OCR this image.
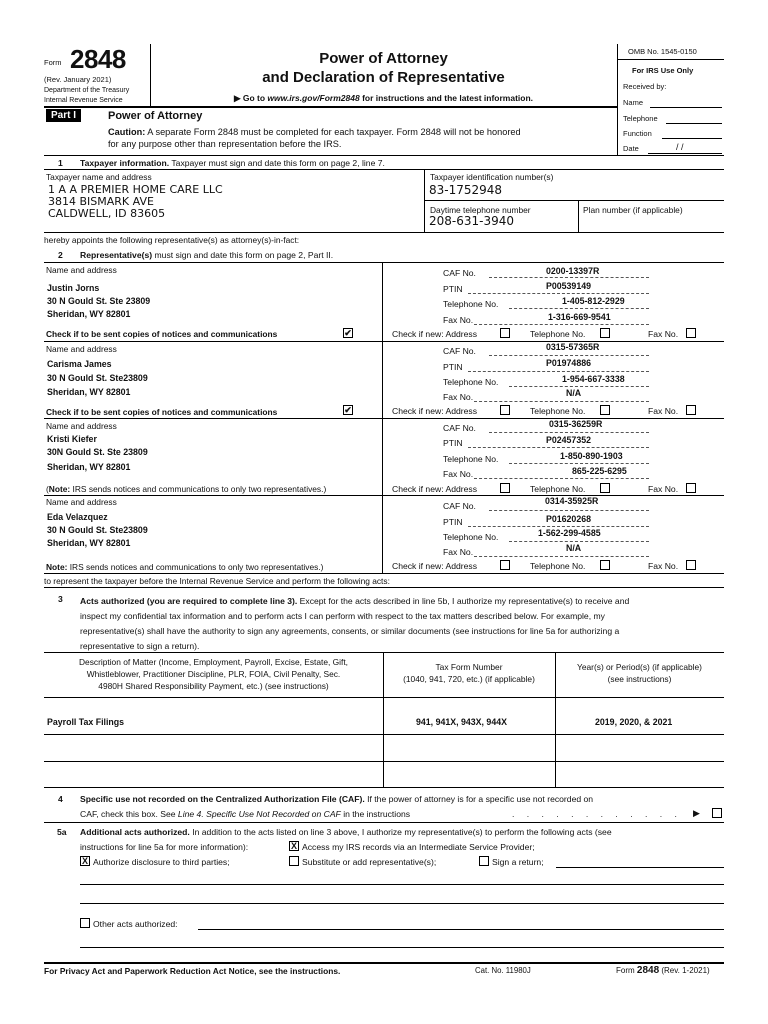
Form 2848
(Rev. January 2021)
Department of the Treasury
Internal Revenue Service
Power of Attorney
and Declaration of Representative
▶ Go to www.irs.gov/Form2848 for instructions and the latest information.
OMB No. 1545-0150
For IRS Use Only
Received by:
Name
Telephone
Function
Date	/ /
Part I	Power of Attorney
Caution: A separate Form 2848 must be completed for each taxpayer. Form 2848 will not be honored
for any purpose other than representation before the IRS.
1 Taxpayer information. Taxpayer must sign and date this form on page 2, line 7.
Taxpayer name and address
1 A A PREMIER HOME CARE LLC
3814 BISMARK AVE
CALDWELL, ID 83605
Taxpayer identification number(s)
83-1752948
Daytime telephone number
208-631-3940
Plan number (if applicable)
hereby appoints the following representative(s) as attorney(s)-in-fact:
2 Representative(s) must sign and date this form on page 2, Part II.
Name and address
Justin Jorns
30 N Gould St. Ste 23809
Sheridan, WY 82801
CAF No.	0200-13397R
PTIN	P00539149
Telephone No.	1-405-812-2929
Fax No.	1-316-669-9541
Check if to be sent copies of notices and communications	✔	Check if new: Address	Telephone No.	Fax No.
Name and address
Carisma James
30 N Gould St. Ste23809
Sheridan, WY 82801
CAF No.	0315-57365R
PTIN	P01974886
Telephone No.	1-954-667-3338
Fax No.	N/A
Check if to be sent copies of notices and communications	✔	Check if new: Address	Telephone No.	Fax No.
Name and address
Kristi Kiefer
30N Gould St. Ste 23809
Sheridan, WY 82801
CAF No.	0315-36259R
PTIN	P02457352
Telephone No.	1-850-890-1903
Fax No.	865-225-6295
(Note: IRS sends notices and communications to only two representatives.)	Check if new: Address	Telephone No.	Fax No.
Name and address
Eda Velazquez
30 N Gould St. Ste23809
Sheridan, WY 82801
CAF No.	0314-35925R
PTIN	P01620268
Telephone No.	1-562-299-4585
Fax No.	N/A
Note: IRS sends notices and communications to only two representatives.)	Check if new: Address	Telephone No.	Fax No.
to represent the taxpayer before the Internal Revenue Service and perform the following acts:
3 Acts authorized (you are required to complete line 3). Except for the acts described in line 5b, I authorize my representative(s) to receive and
inspect my confidential tax information and to perform acts I can perform with respect to the tax matters described below. For example, my
representative(s) shall have the authority to sign any agreements, consents, or similar documents (see instructions for line 5a for authorizing a
representative to sign a return).
Description of Matter (Income, Employment, Payroll, Excise, Estate, Gift,
Whistleblower, Practitioner Discipline, PLR, FOIA, Civil Penalty, Sec.
4980H Shared Responsibility Payment, etc.) (see instructions)
Tax Form Number
(1040, 941, 720, etc.) (if applicable)
Year(s) or Period(s) (if applicable)
(see instructions)
Payroll Tax Filings	941, 941X, 943X, 944X	2019, 2020, & 2021
4 Specific use not recorded on the Centralized Authorization File (CAF). If the power of attorney is for a specific use not recorded on
CAF, check this box. See Line 4. Specific Use Not Recorded on CAF in the instructions	. . . . . . . . . . . . ▶
5a Additional acts authorized. In addition to the acts listed on line 3 above, I authorize my representative(s) to perform the following acts (see
instructions for line 5a for more information):	X Access my IRS records via an Intermediate Service Provider;
X Authorize disclosure to third parties;	Substitute or add representative(s);	Sign a return;
Other acts authorized:
For Privacy Act and Paperwork Reduction Act Notice, see the instructions.	Cat. No. 11980J	Form 2848 (Rev. 1-2021)
